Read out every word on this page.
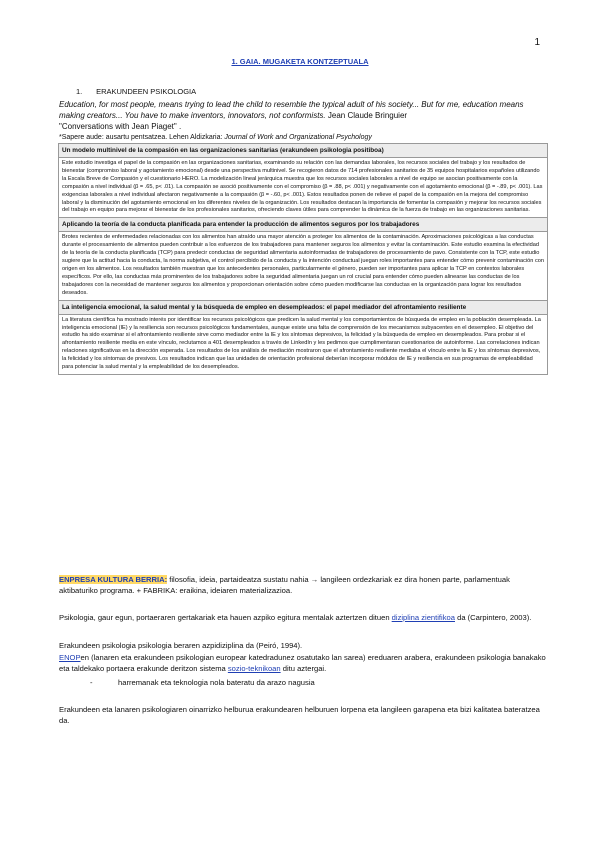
1
1. GAIA. MUGAKETA KONTZEPTUALA
1. ERAKUNDEEN PSIKOLOGIA
Education, for most people, means trying to lead the child to resemble the typical adult of his society... But for me, education means making creators... You have to make inventors, innovators, not conformists. Jean Claude Bringuier
"Conversations with Jean Piaget" .
*Sapere aude: ausartu pentsatzea. Lehen Aldizkaria: Journal of Work and Organizational Psychology
Un modelo multinivel de la compasión en las organizaciones sanitarias (erakundeen psikologia positiboa)
Este estudio investiga el papel de la compasión en las organizaciones sanitarias, examinando su relación con las demandas laborales, los recursos sociales del trabajo y los resultados de bienestar (compromiso laboral y agotamiento emocional) desde una perspectiva multinivel. Se recogieron datos de 714 profesionales sanitarios de 35 equipos hospitalarios españoles utilizando la Escala Breve de Compasión y el cuestionario HERO. La modelización lineal jerárquica muestra que los recursos sociales laborales a nivel de equipo se asocian positivamente con la compasión a nivel individual (β = .65, p< .01). La compasión se asoció positivamente con el compromiso (β = .88, p< .001) y negativamente con el agotamiento emocional (β = -.89, p< .001). Las exigencias laborales a nivel individual afectaron negativamente a la compasión (β = -.60, p< .001). Estos resultados ponen de relieve el papel de la compasión en la mejora del compromiso laboral y la disminución del agotamiento emocional en los diferentes niveles de la organización. Los resultados destacan la importancia de fomentar la compasión y mejorar los recursos sociales del trabajo en equipo para mejorar el bienestar de los profesionales sanitarios, ofreciendo claves útiles para comprender la dinámica de la fuerza de trabajo en las organizaciones sanitarias.
Aplicando la teoría de la conducta planificada para entender la producción de alimentos seguros por los trabajadores
Brotes recientes de enfermedades relacionadas con los alimentos han atraído una mayor atención a proteger los alimentos de la contaminación. Aproximaciones psicológicas a las conductas durante el procesamiento de alimentos pueden contribuir a los esfuerzos de los trabajadores para mantener seguros los alimentos y evitar la contaminación. Este estudio examina la efectividad de la teoría de la conducta planificada (TCP) para predecir conductas de seguridad alimentaria autoinformadas de trabajadores de procesamiento de pavo. Consistente con la TCP, este estudio sugiere que la actitud hacia la conducta, la norma subjetiva, el control percibido de la conducta y la intención conductual juegan roles importantes para entender cómo prevenir contaminación con origen en los alimentos. Los resultados también muestran que los antecedentes personales, particularmente el género, pueden ser importantes para aplicar la TCP en contextos laborales específicos. Por ello, las conductas más prominentes de los trabajadores sobre la seguridad alimentaria juegan un rol crucial para entender cómo pueden alinearse las conductas de los trabajadores con la necesidad de mantener seguros los alimentos y proporcionan orientación sobre cómo pueden modificarse las conductas en la organización para lograr los resultados deseados.
La inteligencia emocional, la salud mental y la búsqueda de empleo en desempleados: el papel mediador del afrontamiento resiliente
La literatura científica ha mostrado interés por identificar los recursos psicológicos que predicen la salud mental y los comportamientos de búsqueda de empleo en la población desempleada. La inteligencia emocional (IE) y la resiliencia son recursos psicológicos fundamentales, aunque existe una falta de comprensión de los mecanismos subyacentes en el desempleo. El objetivo del estudio ha sido examinar si el afrontamiento resiliente sirve como mediador entre la IE y los síntomas depresivos, la felicidad y la búsqueda de empleo en desempleados. Para probar si el afrontamiento resiliente media en este vínculo, reclutamos a 401 desempleados a través de LinkedIn y les pedimos que cumplimentaran cuestionarios de autoinforme. Las correlaciones indican relaciones significativas en la dirección esperada. Los resultados de los análisis de mediación mostraron que el afrontamiento resiliente mediaba el vínculo entre la IE y los síntomas depresivos, la felicidad y los síntomas de presivos. Los resultados indican que las unidades de orientación profesional deberían incorporar módulos de IE y resiliencia en sus programas de empleabilidad para potenciar la salud mental y la empleabilidad de los desempleados.
ENPRESA KULTURA BERRIA: filosofia, ideia, partaideatza sustatu nahia → langileen ordezkariak ez dira honen parte, parlamentuak aktibaturiko programa. + FABRIKA: eraikina, ideiaren materializazioa.
Psikologia, gaur egun, portaeraren gertakariak eta hauen azpiko egitura mentalak aztertzen dituen diziplina zientifikoa da (Carpintero, 2003).
Erakundeen psikologia psikologia beraren azpidiziplina da (Peiró, 1994).
ENOPen (lanaren eta erakundeen psikologian europear katedradunez osatutako lan sarea) ereduaren arabera, erakundeen psikologia banakako eta taldekako portaera erakunde deritzon sistema sozio-teknikoan ditu aztergai.
-	harremanak eta teknologia nola bateratu da arazo nagusia
Erakundeen eta lanaren psikologiaren oinarrizko helburua erakundearen helburuen lorpena eta langileen garapena eta bizi kalitatea bateratzea da.
